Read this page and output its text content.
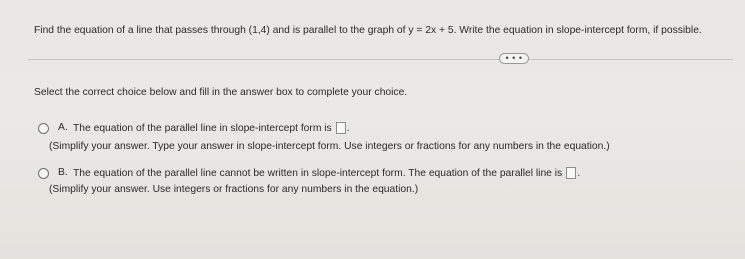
Find the equation of a line that passes through (1,4) and is parallel to the graph of y = 2x + 5. Write the equation in slope-intercept form, if possible.
• • •
Select the correct choice below and fill in the answer box to complete your choice.
A. The equation of the parallel line in slope-intercept form is .
(Simplify your answer. Type your answer in slope-intercept form. Use integers or fractions for any numbers in the equation.)
B. The equation of the parallel line cannot be written in slope-intercept form. The equation of the parallel line is .
(Simplify your answer. Use integers or fractions for any numbers in the equation.)
